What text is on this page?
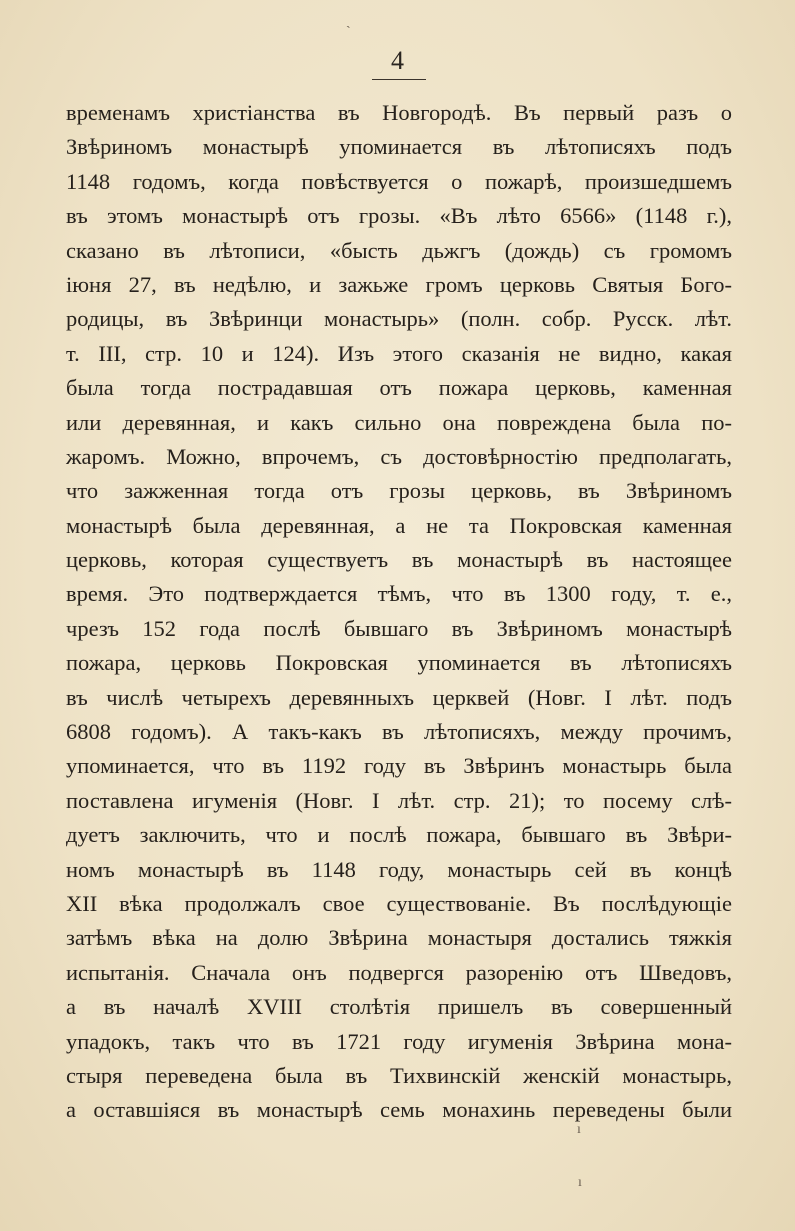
4
временамъ христіанства въ Новгородѣ. Въ первый разъ о
Звѣриномъ монастырѣ упоминается въ лѣтописяхъ подъ
1148 годомъ, когда повѣствуется о пожарѣ, произшедшемъ
въ этомъ монастырѣ отъ грозы. «Въ лѣто 6566» (1148 г.),
сказано въ лѣтописи, «бысть дьжгъ (дождь) съ громомъ
іюня 27, въ недѣлю, и зажьже громъ церковь Святыя Бого-
родицы, въ Звѣринци монастырь» (полн. собр. Русск. лѣт.
т. III, стр. 10 и 124). Изъ этого сказанія не видно, какая
была тогда пострадавшая отъ пожара церковь, каменная
или деревянная, и какъ сильно она повреждена была по-
жаромъ. Можно, впрочемъ, съ достовѣрностію предполагать,
что зажженная тогда отъ грозы церковь, въ Звѣриномъ
монастырѣ была деревянная, а не та Покровская каменная
церковь, которая существуетъ въ монастырѣ въ настоящее
время. Это подтверждается тѣмъ, что въ 1300 году, т. е.,
чрезъ 152 года послѣ бывшаго въ Звѣриномъ монастырѣ
пожара, церковь Покровская упоминается въ лѣтописяхъ
въ числѣ четырехъ деревянныхъ церквей (Новг. I лѣт. подъ
6808 годомъ). А такъ-какъ въ лѣтописяхъ, между прочимъ,
упоминается, что въ 1192 году въ Звѣринъ монастырь была
поставлена игуменія (Новг. I лѣт. стр. 21); то посему слѣ-
дуетъ заключить, что и послѣ пожара, бывшаго въ Звѣри-
номъ монастырѣ въ 1148 году, монастырь сей въ концѣ
XII вѣка продолжалъ свое существованіе. Въ послѣдующіе
затѣмъ вѣка на долю Звѣрина монастыря достались тяжкія
испытанія. Сначала онъ подвергся разоренію отъ Шведовъ,
а въ началѣ XVIII столѣтія пришелъ въ совершенный
упадокъ, такъ что въ 1721 году игуменія Звѣрина мона-
стыря переведена была въ Тихвинскій женскій монастырь,
а оставшіяся въ монастырѣ семь монахинь переведены были
ˎ
ı
ı
